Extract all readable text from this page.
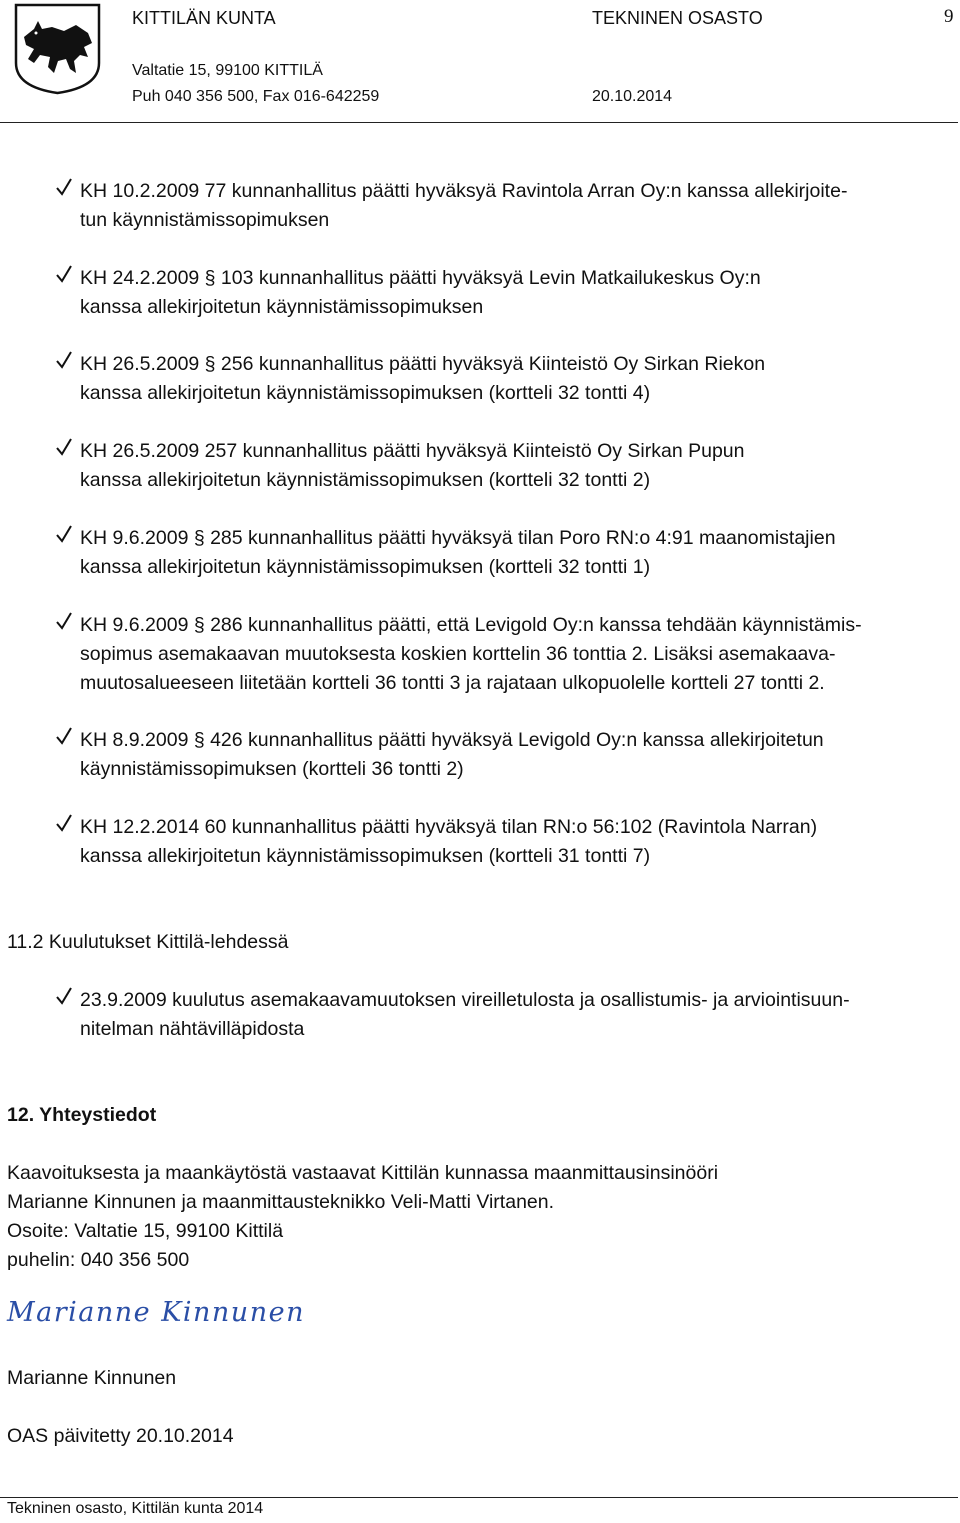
KITTILÄN KUNTA	TEKNINEN OSASTO	9
Valtatie 15, 99100 KITTILÄ
Puh 040 356 500, Fax 016-642259	20.10.2014
KH 10.2.2009 77 kunnanhallitus päätti hyväksyä Ravintola Arran Oy:n kanssa allekirjoite-
tun käynnistämissopimuksen
KH 24.2.2009 § 103 kunnanhallitus päätti hyväksyä Levin Matkailukeskus Oy:n
kanssa allekirjoitetun käynnistämissopimuksen
KH 26.5.2009 § 256 kunnanhallitus päätti hyväksyä Kiinteistö Oy Sirkan Riekon
kanssa allekirjoitetun käynnistämissopimuksen (kortteli 32 tontti 4)
KH 26.5.2009 257 kunnanhallitus päätti hyväksyä Kiinteistö Oy Sirkan Pupun
kanssa allekirjoitetun käynnistämissopimuksen (kortteli 32 tontti 2)
KH 9.6.2009 § 285 kunnanhallitus päätti hyväksyä tilan Poro RN:o 4:91 maanomistajien
kanssa allekirjoitetun käynnistämissopimuksen (kortteli 32 tontti 1)
KH 9.6.2009 § 286 kunnanhallitus päätti, että Levigold Oy:n kanssa tehdään käynnistämis-
sopimus asemakaavan muutoksesta koskien korttelin 36 tonttia 2. Lisäksi asemakaava-
muutosalueeseen liitetään kortteli 36 tontti 3 ja rajataan ulkopuolelle kortteli 27 tontti 2.
KH 8.9.2009 § 426 kunnanhallitus päätti hyväksyä Levigold Oy:n kanssa allekirjoitetun
käynnistämissopimuksen (kortteli 36 tontti 2)
KH 12.2.2014 60 kunnanhallitus päätti hyväksyä tilan RN:o 56:102 (Ravintola Narran)
kanssa allekirjoitetun käynnistämissopimuksen (kortteli 31 tontti 7)
11.2 Kuulutukset Kittilä-lehdessä
23.9.2009 kuulutus asemakaavamuutoksen vireilletulosta ja osallistumis- ja arviointisuun-
nitelman nähtävilläpidosta
12. Yhteystiedot
Kaavoituksesta ja maankäytöstä vastaavat Kittilän kunnassa maanmittausinsinööri
Marianne Kinnunen ja maanmittausteknikko Veli-Matti Virtanen.
Osoite: Valtatie 15, 99100 Kittilä
puhelin: 040 356 500
Marianne Kinnunen
Marianne Kinnunen
OAS päivitetty 20.10.2014
Tekninen osasto, Kittilän kunta 2014
